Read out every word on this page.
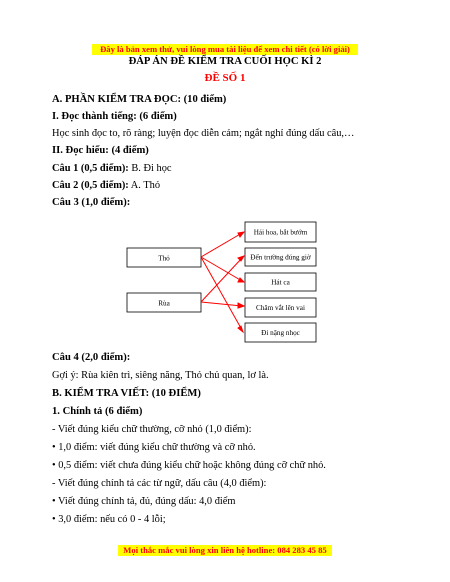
Đây là bản xem thử, vui lòng mua tài liệu để xem chi tiết (có lời giải)
ĐÁP ÁN ĐỀ KIỂM TRA CUỐI HỌC KÌ 2
ĐỀ SỐ 1
A. PHẦN KIỂM TRA ĐỌC: (10 điểm)
I. Đọc thành tiếng: (6 điểm)
Học sinh đọc to, rõ ràng; luyện đọc diễn cảm; ngắt nghỉ đúng dấu câu,…
II. Đọc hiểu: (4 điểm)
Câu 1 (0,5 điểm): B. Đi học
Câu 2 (0,5 điểm): A. Thỏ
Câu 3 (1,0 điểm):
Thỏ
Rùa
Hái hoa, bắt bướm
Đến trường đúng giờ
Hát ca
Chăm vắt lên vai
Đi nặng nhọc
Câu 4 (2,0 điểm):
Gợi ý: Rùa kiên trì, siêng năng, Thỏ chủ quan, lơ là.
B. KIỂM TRA VIẾT: (10 ĐIỂM)
1. Chính tả (6 điểm)
- Viết đúng kiểu chữ thường, cỡ nhỏ (1,0 điểm):
• 1,0 điểm: viết đúng kiểu chữ thường và cỡ nhỏ.
• 0,5 điểm: viết chưa đúng kiểu chữ hoặc không đúng cỡ chữ nhỏ.
- Viết đúng chính tả các từ ngữ, dấu câu (4,0 điểm):
• Viết đúng chính tả, đủ, đúng dấu: 4,0 điểm
• 3,0 điểm: nếu có 0 - 4 lỗi;
Mọi thắc mắc vui lòng xin liên hệ hotline: 084 283 45 85
